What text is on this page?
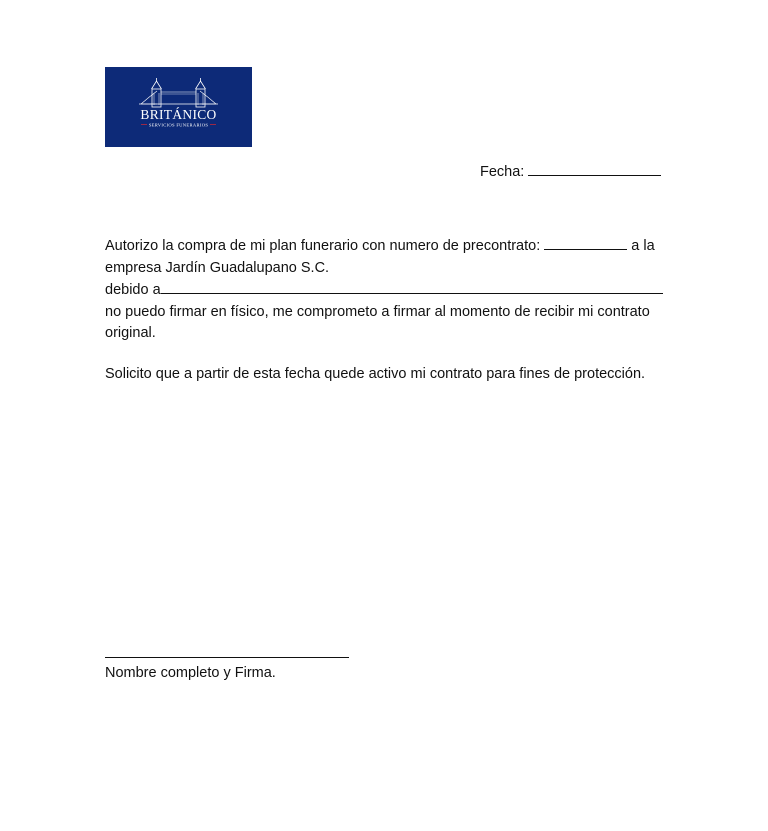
BRITÁNICO
SERVICIOS FUNERARIOS
Fecha:
Autorizo la compra de mi plan funerario con numero de precontrato:	a la
empresa Jardín Guadalupano S.C.
debido a
no puedo firmar en físico, me comprometo a firmar al momento de recibir mi contrato
original.
Solicito que a partir de esta fecha quede activo mi contrato para fines de protección.
Nombre completo y Firma.
